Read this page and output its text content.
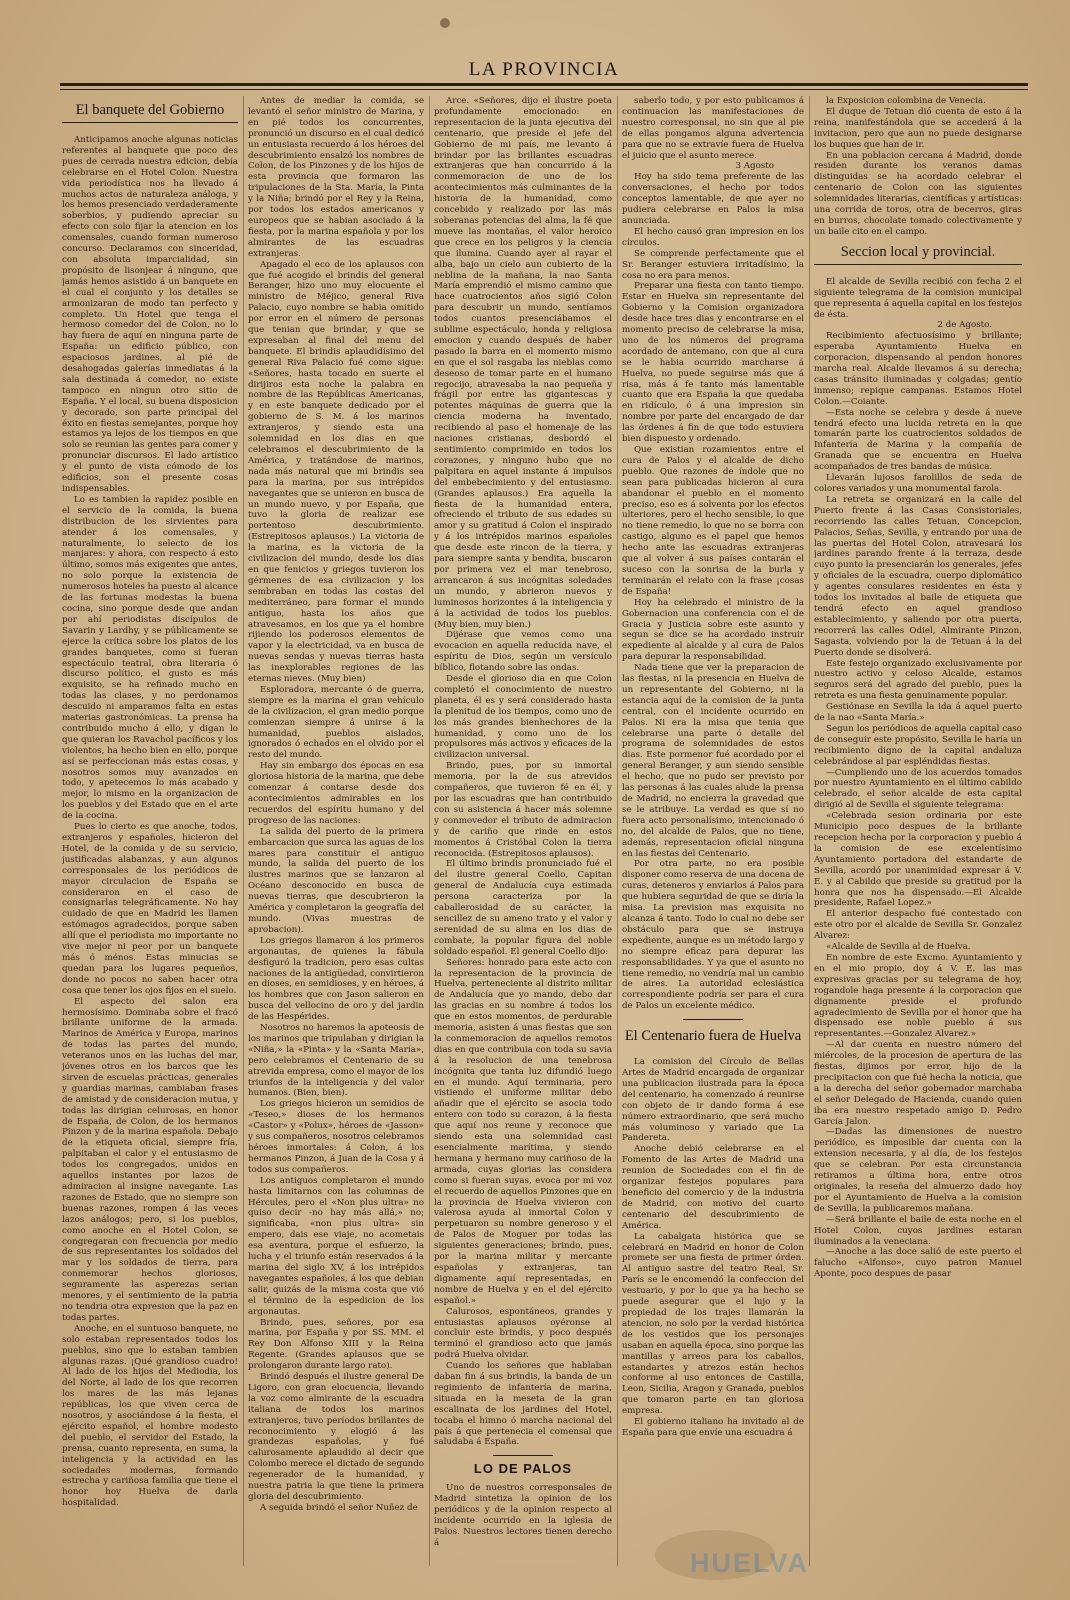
LA PROVINCIA
El banquete del Gobierno

Anticipamos anoche algunas noticias referentes al banquete que poco des pues de cerrada nuestra edicion, debía celebrarse en el Hotel Colon. Nuestra vida periodística nos ha llevado á muchos actos de naturaleza análoga, y los hemos presenciado verdaderamente soberbios, y pudiendo apreciar su efecto con solo fijar la atencion en los comensales, cuando forman numeroso concurso. Declaramos con sinceridad, con absoluta imparcialidad, sin propósito de lisonjear á ninguno, que jamás hemos asistido á un banquete en el cual el conjunto y los detalles se armonizaran de modo tan perfecto y completo. Un Hotel que tenga el hermoso comedor del de Colon, no lo hay fuera de aquí en ninguna parte de España: un edificio público, con espaciosos jardines, al pié de desahogadas galerías inmediatas á la sala destinada á comedor, no existe tampoco en ningun otro sitio de España. Y el local, su buena disposicion y decorado, son parte principal del éxito en fiestas semejantes, porque hoy estamos ya lejos de los tiempos en que solo se reunian las gentes para comer y pronunciar discursos. El lado artístico y el punto de vista cómodo de los edificios, son el presente cosas indispensables.

Lo es tambien la rapidez posible en el servicio de la comida, la buena distribucion de los sirvientes para atender á los comensales, y naturalmente, lo selecto de los manjares: y ahora, con respecto á esto último, somos más exigentes que antes, no solo porque la existencia de numerosos hoteles ha puesto al alcance de las fortunas modestas la buena cocina, sino porque desde que andan por ahí periodistas discípulos de Savarin y Lardhy, y se públicamente se ejerce la crítica sobre los platos de los grandes banquetes, como si fueran espectáculo teatral, obra literaria ó discurso político, el gusto es más exquisito, se ha refinado mucho en todas las clases, y no perdonamos descuido ni amparamos falta en estas materias gastronómicas. La prensa ha contribuido mucho á ello, y digan lo que quieran los Ravachol pacíficos y los violentos, ha hecho bien en ello, porque así se perfeccionan más estas cosas, y nosotros somos muy avanzados en todo, y apetecemos lo más acabado y mejor, lo mismo en la organizacion de los pueblos y del Estado que en el arte de la cocina.

Pues lo cierto es que anoche, todos, extranjeros y españoles, hicieron del Hotel, de la comida y de su servicio, justificadas alabanzas, y aun algunos corresponsales de los periódicos de mayor circulacion de España se consideraron en el caso de consignarlas telegráficamente. No hay cuidado de que en Madrid les llamen estómagos agradecidos, porque saben allí que el periodista mo importante no vive mejor ni peor por un banquete más ó ménos. Estas minucias se quedan para los lugares pequeños, donde no pocos no saben hacer otra cosa que tener los ojos fijos en el suelo.

El aspecto del salon era hermosísimo. Dominaba sobre el fracó brillante uniforme de la armada. Marinos de América y Europa, marinos de todas las partes del mundo, veteranos unos en las luchas del mar, jóvenes otros en los barcos que les sirven de escuelas prácticas, generales y guardias marinas, cambiaban frases de amistad y de consideracion mutua, y todas las dirigian celurosas, en honor de España, de Colon, de los hermanos Pinzon y de la marina española. Debajo de la etiqueta oficial, siempre fría, palpitaban el calor y el entusiasmo de todos los congregados, unidos en aquellos instantes por lazos de admiracion al insigne navegante. Las razones de Estado, que no siempre son buenas razones, rompen á las veces lazos análogos; pero, si los pueblos, como anoche en el Hotel Colon, se congregaran con frecuencia por medio de sus representantes los soldados del mar y los soldados de tierra, para conmemorar hechos gloriosos, seguramente las asperezas serian menores, y el sentimiento de la patria no tendria otra expresion que la paz en todas partes.

Anoche, en el suntuoso banquete, no solo estaban representados todos los pueblos, sino que lo estaban tambien algunas razas. ¡Qué grandioso cuadro! Al lado de los hijos del Mediodia, los del Norte, al lado de los que recorren los mares de las más lejanas repúblicas, los que viven cerca de nosotros, y asociándose á la fiesta, el ejército español, el hombre modesto del pueblo, el servidor del Estado, la prensa, cuanto representa, en suma, la inteligencia y la actividad en las sociedades modernas, formando estrecha y cariñosa familia que tiene el honor hoy Huelva de darla hospitalidad.

Antes de mediar la comida, se levantó el señor ministro de Marina, y en pié todos los concurrentes, pronunció un discurso en el cual dedicó un entusiasta recuerdo á los héroes del descubrimiento ensalzó los nombres de Colon, de los Pinzones y de los hijos de esta provincia que formaron las tripulaciones de la Sta. María, la Pinta y la Niña; brindó por el Rey y la Reina, por todos los estados americanos y europeos que se habian asociado á la fiesta, por la marina española y por los almirantes de las escuadras extranjeras.

Apagado el eco de los aplausos con que fué acogido el brindis del general Beranger, hizo uno muy elocuente el ministro de Méjico, general Riva Palacio, cuyo nombre se habia omitido por error en el número de personas que tenian que brindar, y que se expresaban al final del menu del banquete. El brindis aplaudidísimo del general Riva Palacio fué como sigue: «Señores, hasta tocado en suerte el dirijiros esta noche la palabra en nombre de las Repúblicas Americanas, y en este banquete dedicado por el gobierno de S. M. á los marinos extranjeros, y siendo esta una solemnidad en los dias en que celebramos el descubrimiento de la América, y tratándose de marinos, nada más natural que mi brindis sea para la marina, por sus intrépidos navegantes que se unieron en busca de un mundo nuevo, y por España, que tuvo la gloria de realizar ese portentoso descubrimiento. (Estrepitosos aplausos.) La victoria de la marina, es la victoria de la civilizacion del mundo, desde los dias en que fenicios y griegos tuvieron los gérmenes de esa civilizacion y los sembraban en todas las costas del mediterráneo, para formar el mundo antiguo, hasta los años que atravesamos, en los que ya el hombre rijiendo los poderosos elementos de vapor y la electricidad, va en busca de nuevas sendas y nuevas tierras hasta las inexplorables regiones de las eternas nieves. (Muy bien)

Esploradora, mercante ó de guerra, siempre es la marina el gran vehículo de la civilizacion, el gran medio porque comienzan siempre á unirse á la humanidad, pueblos aislados, ignorados ó echados en el olvido por el resto del mundo.

Hay sin embargo dos épocas en esa gloriosa historia de la marina, que debe comenzar á contarse desde dos acontecimientos admirables en los recuerdos del espíritu humano y del progreso de las naciones:

La salida del puerto de la primera embarcacion que surca las aguas de los mares para constituir el antiguo mundo, la salida del puerto de los ilustres marinos que se lanzaron al Océano desconocido en busca de nuevas tierras, que descubrieron la América y completaron la geografía del mundo. (Vivas muestras de aprobacion).

Los griegos llamaron á los primeros argonautas, de quienes la fábula desfiguró la tradicion, pero esas cultas naciones de la antigüedad, convirtieron en dioses, en semidioses, y en héroes, á los hombres que con Jason salieron en busca del vellocino de oro y del jardin de las Hespérides.

Nosotros no haremos la apoteosis de los marinos que tripulaban y dirigian la «Niña,» la «Pinta» y la «Santa María», pero celebramos el Centenario de su atrevida empresa, como el mayor de los triunfos de la inteligencia y del valor humanos. (Bien, bien).

Los griegos hicieron un semidios de «Teseo,» dioses de los hermanos «Castor» y «Polux», héroes de «Jasson» y sus compañeros, nosotros celebramos héroes inmortales: á Colon, á los hermanos Pinzon, á Juan de la Cosa y á todos sus compañeros.

Los antiguos completaron el mundo hasta limitarnos con las columnas de Hércules, pero el «Non plus ultra» no quiso decir -no hay más allá,» no; significaba, «non plus ultra» sin empero, dais ese viaje, no acometais esa aventura, porque el esfuerzo, la lucha y el triunfo están reservados á la marina del siglo XV, á los intrépidos navegantes españoles, á los que debian salir, quizás de la misma costa que vió el término de la espedicion de los argonautas.

Brindo, pues, señores, por esa marina, por España y por SS. MM. el Rey Don Alfonso XIII y la Reina Regente. (Grandes aplausos que se prolongaron durante largo rato).

Brindó después el ilustre general De Ligoro, con gran elocuencia, llevando la voz como almirante de la escuadra italiana de todos los marinos extranjeros, tuvo períodos brillantes de reconocimiento y elogió á las grandezas españolas, y fué calurosamente aplaudido al decir que Colombo merece el dictado de segundo regenerador de la humanidad, y nuestra patria la que tiene la primera gloria del descubrimiento.

A seguida brindó el señor Nuñez de

Arce. «Señores, dijo el ilustre poeta profundamente emocionado: en representacion de la junta ejecutiva del centenario, que preside el jefe del Gobierno de mi país, me levanto á brindar por las brillantes escuadras extranjeras que han concurrido á la conmemoracion de uno de los acontecimientos más culminantes de la historia de la humanidad, como concebido y realizado por las más soberanas potencias del alma, la fé que mueve las montañas, el valor heroico que crece en los peligros y la ciencia que ilumina. Cuando ayer al rayar el alba, bajo un cielo aun cubierto de la neblina de la mañana, la nao Santa María emprendió el mismo camino que hace cuatrocientos años sigió Colon para descubrir un mundo, sentíamos todos cuantos presenciábamos el sublime espectáculo, honda y religiosa emocion y cuando después de haber pasado la barra en el momento mismo en que el sol rasgaba las nieblas como deseoso de tomar parte en el humano regocijo, atravesaba la nao pequeña y frágil por entre las gigantescas y potentes máquinas de guerra que la ciencia moderna ha inventado, recibiendo al paso el homenaje de las naciones cristianas, desbordó el sentimiento comprimido en todos los corazones, y ninguno hubo que no palpitara en aquel instante á impulsos del embebecimiento y del entusiasmo. (Grandes aplausos.) Era aquella la fiesta de la humanidad entera, ofreciendo el tributo de sus edades su amor y su gratitud á Colon el inspirado y á los intrépidos marinos españoles que desde este rincon de la tierra, y para siempre santa y bendita, buscaron por primera vez el mar tenebroso, arrancaron á sus incógnitas soledades un mundo, y abrieron nuevos y luminosos horizontes á la inteligencia y á la actividad de todos los pueblos. (Muy bien, muy bien.)

Dijérase que vemos como una evocacion en aquella reducida nave, el espíritu de Dios, según un versículo bíblico, flotando sobre las ondas.

Desde el glorioso dia en que Colon completó el conocimiento de nuestro planeta, él es y será considerado hasta la plenitud de los tiempos, como uno de los más grandes bienhechores de la humanidad, y como uno de los propulsores más activos y eficaces de la civilizacion universal.

Brindo, pues, por su inmortal memoria, por la de sus atrevidos compañeros, que tuvieron fé en él, y por las escuadras que han contribuido con su asistencia á hacer más solemne y conmovedor el tributo de admiracion y de cariño que rinde en estos momentos á Cristóbal Colon la tierra reconocida. (Estrepitosos aplausos).

El último brindis pronunciado fué el del ilustre general Coello, Capitan general de Andalucía cuya estimada persona caracteriza por la caballerosidad de su carácter, la sencillez de su ameno trato y el valor y serenidad de su alma en los dias de combate, la popular figura del noble soldado español. El general Coello dijo:

Señores: honrado para este acto con la representacion de la provincia de Huelva, perteneciente al distrito militar de Andalucía que yo mando, debo dar las gracias en su nombre á todos los que en estos momentos, de perdurable memoria, asisten á unas fiestas que son la conmemoracion de aquellos remotos dias en que contribuia con toda su savia á la resolucion de una tenebrosa incógnita que tanta luz difundió luego en el mundo. Aquí terminaria, pero vistiendo el uniforme militar debo añadir que el ejército se asocia todo entero con todo su corazon, á la fiesta que aquí nos reune y reconoce que siendo esta una solemnidad casi esencialmente marítima, y siendo hermana y hermano muy cariñoso de la armada, cuyas glorias las considera como si fueran suyas, evoca por mi voz el recuerdo de aquellos Pinzones que en la provincia de Huelva vivieron con valerosa ayuda al inmortal Colon y perpetuaron su nombre generoso y el de Palos de Moguer por todas las siguientes generaciones; brindo, pues, por la marina militar y mercante españolas y extranjeras, tan dignamente aquí representadas, en nombre de Huelva y en el del ejército español.»

Calurosos, espontáneos, grandes y entusiastas aplausos oyéronse al concluir este brindis, y poco después terminó el grandioso acto que jamás podrá Huelva olvidar.

Cuando los señores que hablaban daban fin á sus brindis, la banda de un regimiento de infantería de marina, situada en la meseta de la gran escalinata de los jardines del Hotel, tocaba el himno ó marcha nacional del país á que pertenecia el comensal que saludaba á España.

LO DE PALOS

Uno de nuestros corresponsales de Madrid sintetiza la opinion de los periódicos y de la opinion respecto al incidente ocurrido en la iglesia de Palos. Nuestros lectores tienen derecho á

saberlo todo, y por esto publicamos á continuacion las manifestaciones de nuestro corresponsal, no sin que al pie de ellas pongamos alguna advertencia para que no se extravíe fuera de Huelva el juicio que el asunto merece.

3 Agosto

Hoy ha sido tema preferente de las conversaciones, el hecho por todos conceptos lamentable, de que ayer no pudiera celebrarse en Palos la misa anunciada.

El hecho causó gran impresion en los círculos.

Se comprende perfectamente que el Sr. Beranger estuviera irritadísimo, la cosa no era para menos.

Preparar una fiesta con tanto tiempo. Estar en Huelva sin representante del Gobierno y la Comision organizadora desde hace tres dias y encontrarse en el momento preciso de celebrarse la misa, uno de los números del programa acordado de antemano, con que al cura se le habia ocurrido marcharse á Huelva, no puede seguirse más que á risa, más á fe tanto más lamentable cuanto que era España la que quedaba en ridículo, ó á una impresion sin nombre por parte del encargado de dar las órdenes á fin de que todo estuviera bien dispuesto y ordenado.

Que existian rozamientos entre el cura de Palos y el alcalde de dicho pueblo. Que razones de índole que no sean para publicadas hicieron al cura abandonar el pueblo en el momento preciso, eso es á solventa por los efectos ulteriores, pero el hecho sensible, lo que no tiene remedio, lo que no se borra con castigo, alguno es el papel que hemos hecho ante las escuadras extranjeras que al volver á sus países contarán el suceso con la sonrisa de la burla y terminarán el relato con la frase ¡cosas de España!

Hoy ha celebrado el ministro de la Gobernacion una conferencia con el de Gracia y Justicia sobre este asunto y segun se dice se ha acordado instruir expediente al alcalde y al cura de Palos para depurar la responsabilidad.

Nada tiene que ver la preparacion de las fiestas, ni la presencia en Huelva de un representante del Gobierno, ni la estancia aquí de la comision de la junta central, con el incidente ocurrido en Palos. Ni era la misa que tenia que celebrarse una parte ó detalle del programa de solemnidades de estos dias. Este pormenor fué acordado por el general Beranger, y aun siendo sensible el hecho, que no pudo ser previsto por las personas á las cuales alude la prensa de Madrid, no encierra la gravedad que se le atribuye. La verdad es que sí no fuera acto personalísimo, intencionado ó no, del alcalde de Palos, que no tiene, además, representacion oficial ninguna en las fiestas del Centenario.

Por otra parte, no era posible disponer como reserva de una docena de curas, deteneros y enviarlos á Palos para que hubiera seguridad de que se diría la misa. La prevision mas exquisita no alcanza á tanto. Todo lo cual no debe ser obstáculo para que se instruya expediente, aunque es un método largo y no siempre eficaz para depurar las responsabilidades. Y ya que el asunto no tiene remedio, no vendría mal un cambio de aires. La autoridad eclesiástica correspondiente podría ser para el cura de Palos un excelente médico.

El Centenario fuera de Huelva

La comision del Círculo de Bellas Artes de Madrid encargada de organizar una publicacion ilustrada para la época del centenario, ha comenzado á reunirse con objeto de ir dando forma á ese número extraordinario, que será mucho más voluminoso y variado que La Pandereta.

Anoche debió celebrarse en el Fomento de las Artes de Madrid una reunion de Sociedades con el fin de organizar festejos populares para beneficio del comercio y de la industria de Madrid, con motivo del cuarto centenario del descubrimiento de América.

La cabalgata histórica que se celebrará en Madrid en honor de Colon promete ser una fiesta de primer órden. Al antiguo sastre del teatro Real, Sr. París se le encomendó la confeccion del vestuario, y por lo que ya ha hecho se puede asegurar que el lujo y la propiedad de los trajes llamarán la atencion, no solo por la verdad histórica de los vestidos que los personajes usaban en aquella época, sino porque las mantillas y arreos para los caballos, estandartes y atrezos están hechos conforme al uso entonces de Castilla, Leon, Sicilia, Aragon y Granada, pueblos que tomaron parte en tan gloriosa empresa.

El gobierno italiano ha invitado al de España para que envíe una escuadra á

la Exposicion colombina de Venecia.

El duque de Tetuan dió cuenta de esto á la reina, manifestándola que se accederá á la invitacion, pero que aun no puede designarse los buques que han de ir.

En una poblacion cercana á Madrid, donde residen durante los veranos damas distinguidas se ha acordado celebrar el centenario de Colon con las siguientes solemnidades literarias, científicas y artísticas: una corrida de toros, otra de becerros, giras en burros, chocolate tomado colectivamente y un baile cito en el campo.

Seccion local y provincial.

El alcalde de Sevilla recibió con fecha 2 el siguiente telegrama de la comision municipal que representa á aquella capital en los festejos de ésta.

2 de Agosto.

Recibimiento afectuosísimo y brillante; esperaba Ayuntamiento Huelva en corporacion, dispensando al pendon honores marcha real. Alcalde llevamos á su derecha; casas tránsito iluminadas y colgadas; gentío inmenso; repique campanas. Estamos Hotel Colon.—Coiante.

—Esta noche se celebra y desde á nueve tendrá efecto una lucida retreta en la que tomarán parte los cuatrocientos soldados de Infantería de Marina y la compañía de Granada que se encuentra en Huelva acompañados de tres bandas de música.

Llevarán lujosos farolillos de seda de colores variados y una monumental farola.

La retreta se organizará en la calle del Puerto frente á las Casas Consistoriales, recorriendo las calles Tetuan, Concepcion, Palacios, Señas, Sevilla, y entrando por una de las puertas del Hotel Colon, atravesará los jardines parando frente á la terraza, desde cuyo punto la presenciarán los generales, jefes y oficiales de la escuadra, cuerpo diplomático y agentes consulares residentes en ésta y todos los invitados al baile de etiqueta que tendrá efecto en aquel grandioso establecimiento, y saliendo por otra puerta, recorrerá las calles Odiel, Almirante Pinzon, Sagasta, volviendo por la de Tetuan á la del Puerto donde se disolverá.

Este festejo organizado exclusivamente por nuestro activo y celoso Alcalde, estamos seguros será del agrado del pueblo, pues la retreta es una fiesta genuinamente popular.

Gestiónase en Sevilla la ida á aquel puerto de la nao «Santa María.»

Segun los periódicos de aquella capital caso de conseguir este propósito, Sevilla le haría un recibimiento digno de la capital andaluza celebrándose al par espléndidas fiestas.

—Cumpliendo uno de los acuerdos tomados por nuestro Ayuntamiento en el último cabildo celebrado, el señor alcalde de esta capital dirigió al de Sevilla el siguiente telegrama:

«Celebrada sesion ordinaria por este Municipio poco despues de la brillante recepcion hecha por la corporacion y pueblo á la comision de ese excelentísimo Ayuntamiento portadora del estandarte de Sevilla, acordó por unanimidad expresar á V. E. y al Cabildo que preside su gratitud por la honra que nos ha dispensado.—El Alcalde presidente, Rafael Lopez.»

El anterior despacho fué contestado con este otro por el alcalde de Sevilla Sr. Gonzalez Alvarez:

«Alcalde de Sevilla al de Huelva.

En nombre de este Excmo. Ayuntamiento y en el mio propio, doy á V. E. las mas expresivas gracias por su telegrama de hoy, rogandole haga presente á la corporacion que dignamente preside el profundo agradecimiento de Sevilla por el honor que ha dispensado ese noble pueblo á sus representantes.—Gonzalez Alvarez.»

—Al dar cuenta en nuestro número del miércoles, de la procesion de apertura de las fiestas, dijimos por error, hijo de la precipitacion con que fué hecha la noticia, que a la derecha del señor gobernador marchaba el señor Delegado de Hacienda, cuando quien iba era nuestro respetado amigo D. Pedro García Jalon.

—Dadas las dimensiones de nuestro periódico, es imposible dar cuenta con la extension necesaria, y al día, de los festejos que se celebran. Por esta circunstancia retiramos a última hora, entre otros originales, la reseña del almuerzo dado hoy por el Ayuntamiento de Huelva a la comision de Sevilla, la publicaremos mañana.

—Será brillante el baile de esta noche en el Hotel Colon, cuyos jardines estaran iluminados a la veneciana.

—Anoche a las doce salió de este puerto el falucho «Alfonso», cuyo patron Manuel Aponte, poco despues de pasar

HUELVA
